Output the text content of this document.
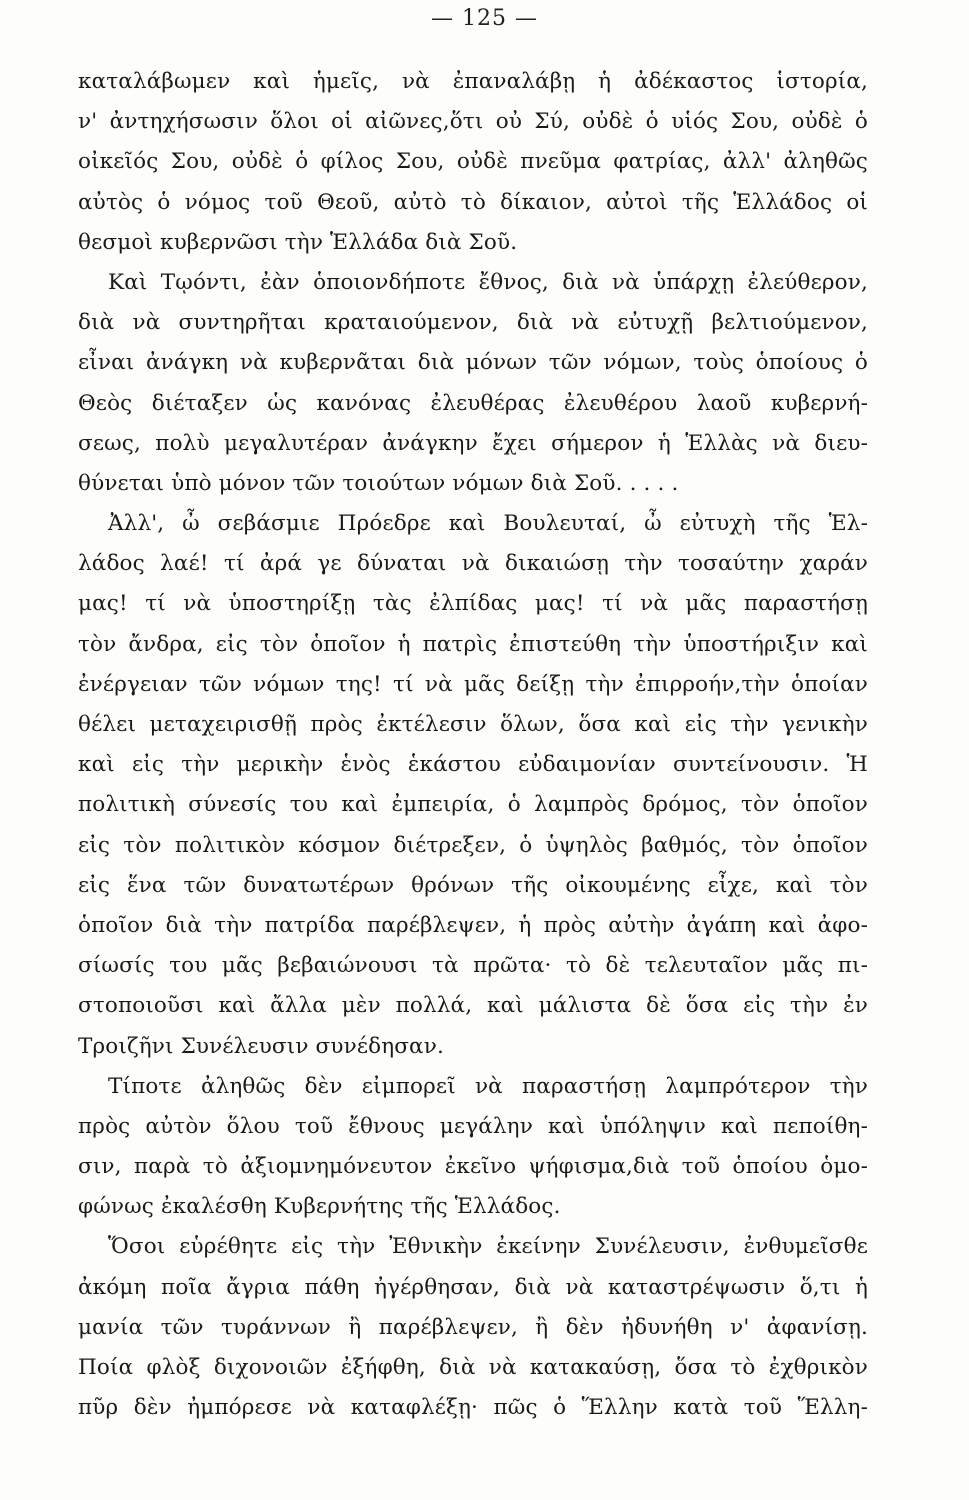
— 125 —
καταλάβωμεν καὶ ἡμεῖς, νὰ ἐπαναλάβῃ ἡ ἀδέκαστος ἱστορία,
ν' ἀντηχήσωσιν ὅλοι οἱ αἰῶνες,ὅτι οὐ Σύ, οὐδὲ ὁ υἱός Σου, οὐδὲ ὁ
οἰκεῖός Σου, οὐδὲ ὁ φίλος Σου, οὐδὲ πνεῦμα φατρίας, ἀλλ' ἀληθῶς
αὐτὸς ὁ νόμος τοῦ Θεοῦ, αὐτὸ τὸ δίκαιον, αὐτοὶ τῆς Ἑλλάδος οἱ
θεσμοὶ κυβερνῶσι τὴν Ἑλλάδα διὰ Σοῦ.
Καὶ Τῳόντι, ἐὰν ὁποιονδήποτε ἔθνος, διὰ νὰ ὑπάρχῃ ἐλεύθερον,
διὰ νὰ συντηρῆται κραταιούμενον, διὰ νὰ εὐτυχῇ βελτιούμενον,
εἶναι ἀνάγκη νὰ κυβερνᾶται διὰ μόνων τῶν νόμων, τοὺς ὁποίους ὁ
Θεὸς διέταξεν ὡς κανόνας ἐλευθέρας ἐλευθέρου λαοῦ κυβερνή-
σεως, πολὺ μεγαλυτέραν ἀνάγκην ἔχει σήμερον ἡ Ἑλλὰς νὰ διευ-
θύνεται ὑπὸ μόνον τῶν τοιούτων νόμων διὰ Σοῦ. . . . .
Ἀλλ', ὦ σεβάσμιε Πρόεδρε καὶ Βουλευταί, ὦ εὐτυχὴ τῆς Ἑλ-
λάδος λαέ! τί ἀρά γε δύναται νὰ δικαιώσῃ τὴν τοσαύτην χαράν
μας! τί νὰ ὑποστηρίξῃ τὰς ἐλπίδας μας! τί νὰ μᾶς παραστήσῃ
τὸν ἄνδρα, εἰς τὸν ὁποῖον ἡ πατρὶς ἐπιστεύθη τὴν ὑποστήριξιν καὶ
ἐνέργειαν τῶν νόμων της! τί νὰ μᾶς δείξῃ τὴν ἐπιρροήν,τὴν ὁποίαν
θέλει μεταχειρισθῇ πρὸς ἐκτέλεσιν ὅλων, ὅσα καὶ εἰς τὴν γενικὴν
καὶ εἰς τὴν μερικὴν ἑνὸς ἑκάστου εὐδαιμονίαν συντείνουσιν. Ἡ
πολιτικὴ σύνεσίς του καὶ ἐμπειρία, ὁ λαμπρὸς δρόμος, τὸν ὁποῖον
εἰς τὸν πολιτικὸν κόσμον διέτρεξεν, ὁ ὑψηλὸς βαθμός, τὸν ὁποῖον
εἰς ἕνα τῶν δυνατωτέρων θρόνων τῆς οἰκουμένης εἶχε, καὶ τὸν
ὁποῖον διὰ τὴν πατρίδα παρέβλεψεν, ἡ πρὸς αὐτὴν ἀγάπη καὶ ἀφο-
σίωσίς του μᾶς βεβαιώνουσι τὰ πρῶτα· τὸ δὲ τελευταῖον μᾶς πι-
στοποιοῦσι καὶ ἄλλα μὲν πολλά, καὶ μάλιστα δὲ ὅσα εἰς τὴν ἐν
Τροιζῆνι Συνέλευσιν συνέδησαν.
Τίποτε ἀληθῶς δὲν εἰμπορεῖ νὰ παραστήσῃ λαμπρότερον τὴν
πρὸς αὐτὸν ὅλου τοῦ ἔθνους μεγάλην καὶ ὑπόληψιν καὶ πεποίθη-
σιν, παρὰ τὸ ἀξιομνημόνευτον ἐκεῖνο ψήφισμα,διὰ τοῦ ὁποίου ὁμο-
φώνως ἐκαλέσθη Κυβερνήτης τῆς Ἑλλάδος.
Ὅσοι εὑρέθητε εἰς τὴν Ἐθνικὴν ἐκείνην Συνέλευσιν, ἐνθυμεῖσθε
ἀκόμη ποῖα ἄγρια πάθη ἠγέρθησαν, διὰ νὰ καταστρέψωσιν ὅ,τι ἡ
μανία τῶν τυράννων ἢ παρέβλεψεν, ἢ δὲν ἠδυνήθη ν' ἀφανίσῃ.
Ποία φλὸξ διχονοιῶν ἐξήφθη, διὰ νὰ κατακαύσῃ, ὅσα τὸ ἐχθρικὸν
πῦρ δὲν ἠμπόρεσε νὰ καταφλέξῃ· πῶς ὁ Ἕλλην κατὰ τοῦ Ἕλλη-
